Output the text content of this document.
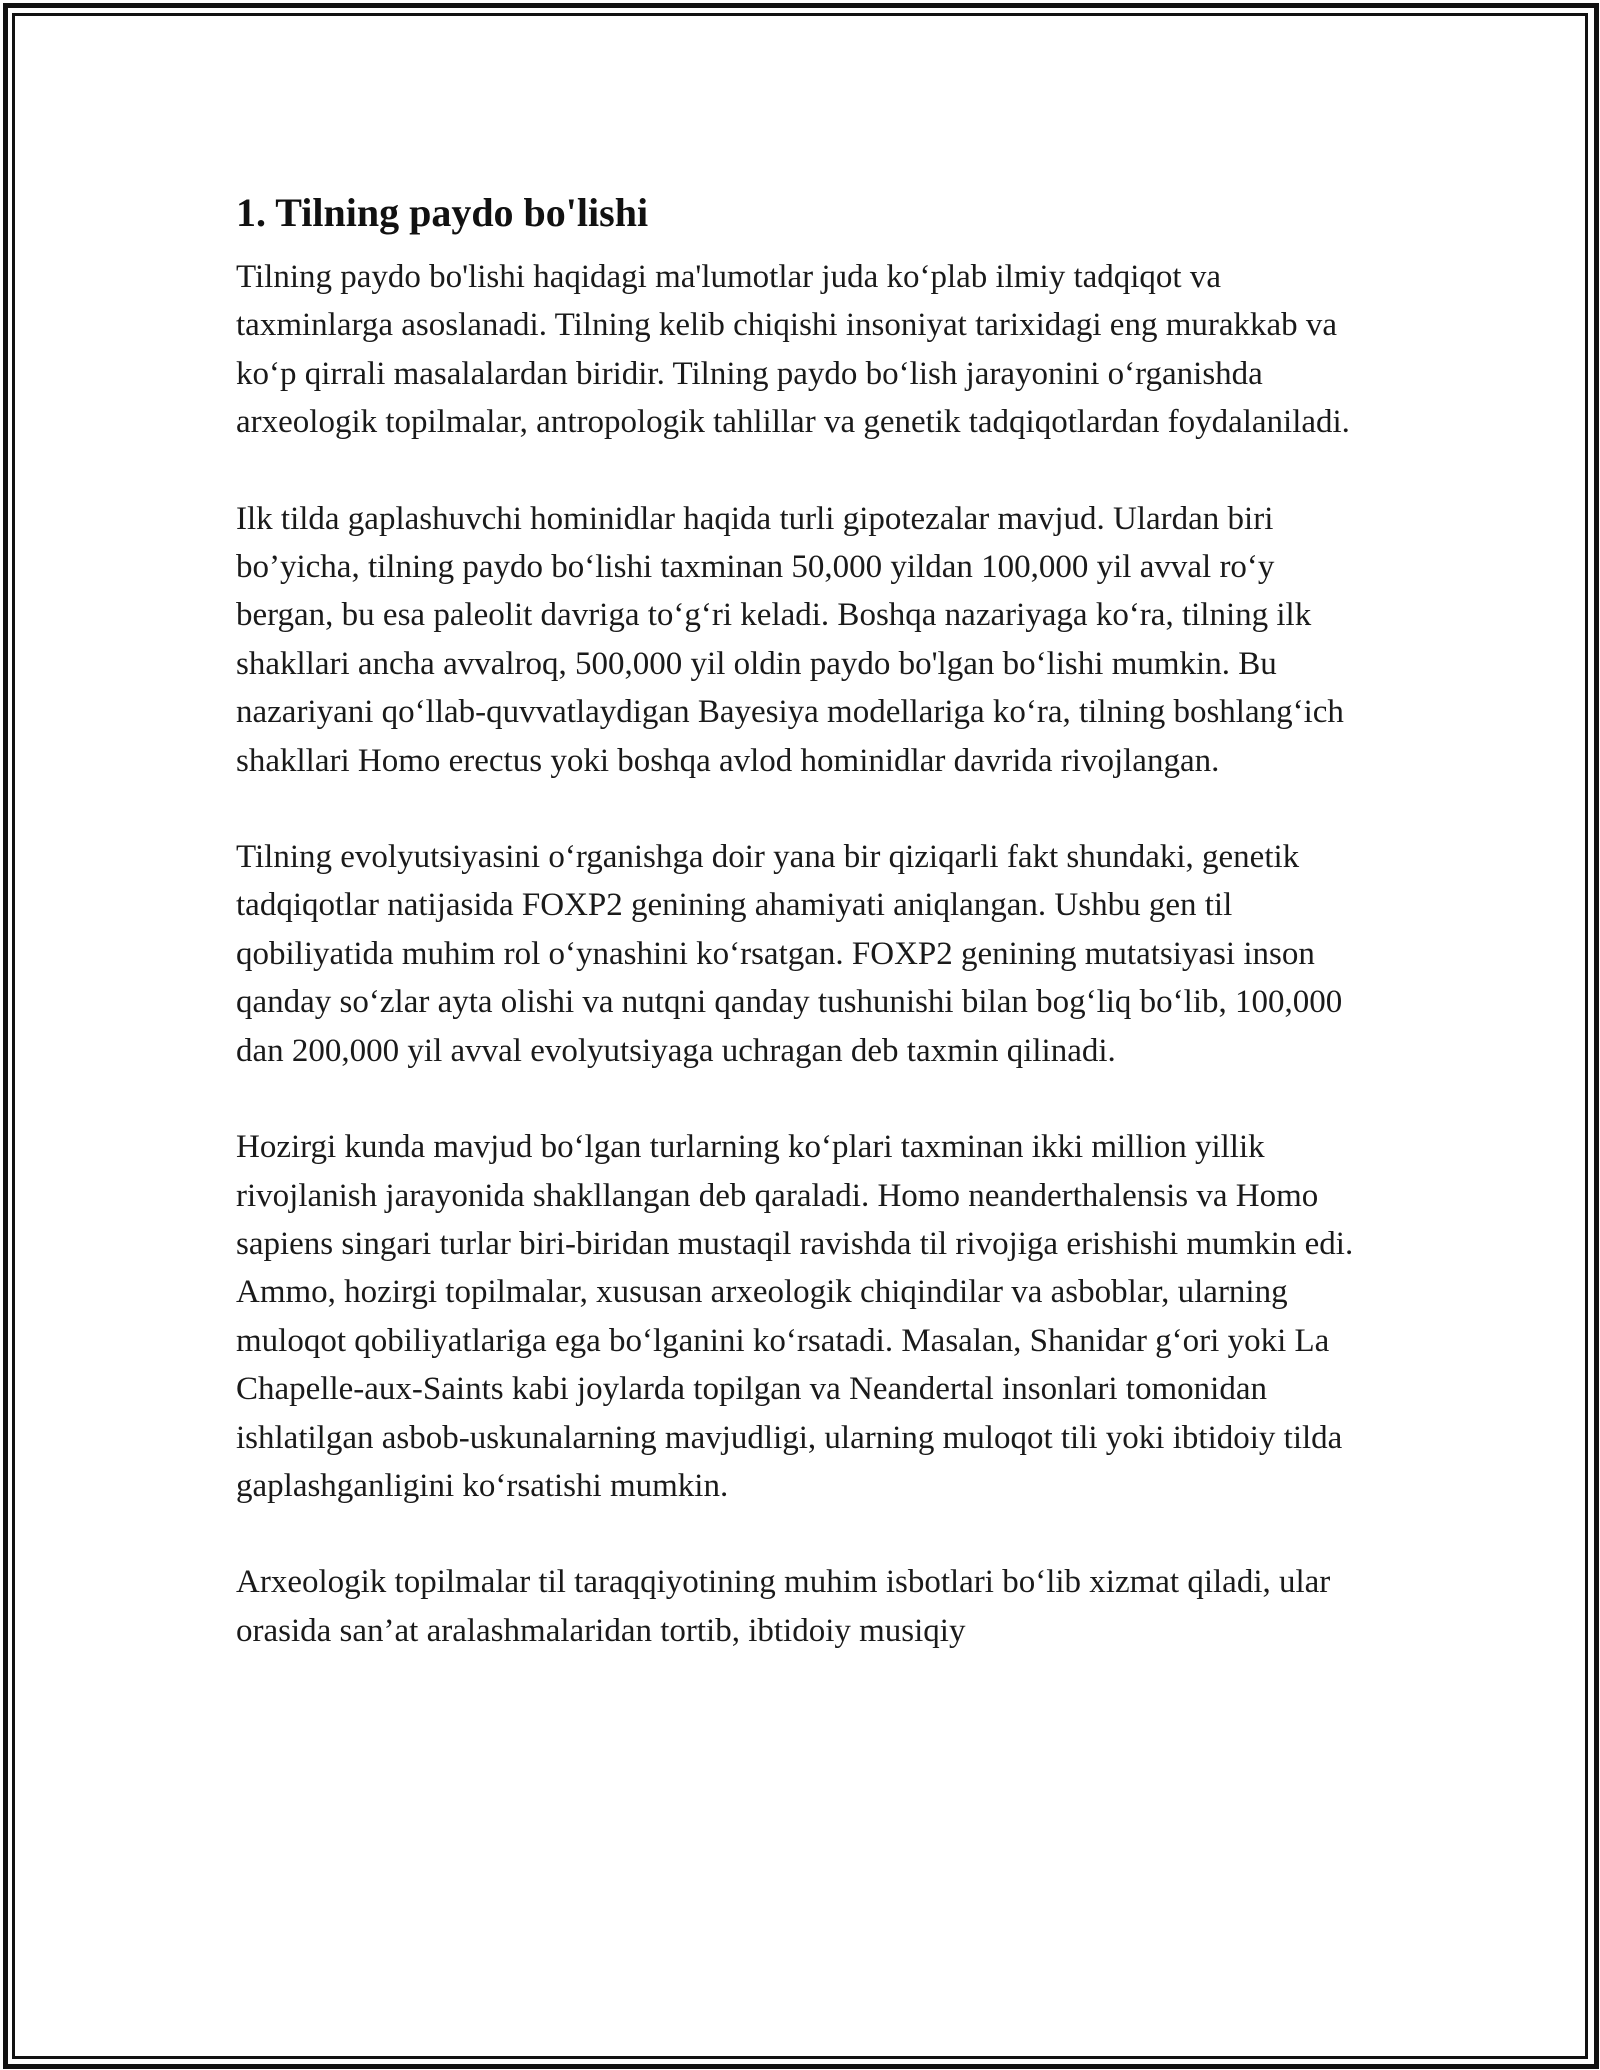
1. Tilning paydo bo'lishi

Tilning paydo bo'lishi haqidagi ma'lumotlar juda ko‘plab ilmiy tadqiqot va taxminlarga asoslanadi. Tilning kelib chiqishi insoniyat tarixidagi eng murakkab va ko‘p qirrali masalalardan biridir. Tilning paydo bo‘lish jarayonini o‘rganishda arxeologik topilmalar, antropologik tahlillar va genetik tadqiqotlardan foydalaniladi.

Ilk tilda gaplashuvchi hominidlar haqida turli gipotezalar mavjud. Ulardan biri bo’yicha, tilning paydo bo‘lishi taxminan 50,000 yildan 100,000 yil avval ro‘y bergan, bu esa paleolit davriga to‘g‘ri keladi. Boshqa nazariyaga ko‘ra, tilning ilk shakllari ancha avvalroq, 500,000 yil oldin paydo bo'lgan bo‘lishi mumkin. Bu nazariyani qo‘llab-quvvatlaydigan Bayesiya modellariga ko‘ra, tilning boshlang‘ich shakllari Homo erectus yoki boshqa avlod hominidlar davrida rivojlangan.

Tilning evolyutsiyasini o‘rganishga doir yana bir qiziqarli fakt shundaki, genetik tadqiqotlar natijasida FOXP2 genining ahamiyati aniqlangan. Ushbu gen til qobiliyatida muhim rol o‘ynashini ko‘rsatgan. FOXP2 genining mutatsiyasi inson qanday so‘zlar ayta olishi va nutqni qanday tushunishi bilan bog‘liq bo‘lib, 100,000 dan 200,000 yil avval evolyutsiyaga uchragan deb taxmin qilinadi.

Hozirgi kunda mavjud bo‘lgan turlarning ko‘plari taxminan ikki million yillik rivojlanish jarayonida shakllangan deb qaraladi. Homo neanderthalensis va Homo sapiens singari turlar biri-biridan mustaqil ravishda til rivojiga erishishi mumkin edi. Ammo, hozirgi topilmalar, xususan arxeologik chiqindilar va asboblar, ularning muloqot qobiliyatlariga ega bo‘lganini ko‘rsatadi. Masalan, Shanidar g‘ori yoki La Chapelle-aux-Saints kabi joylarda topilgan va Neandertal insonlari tomonidan ishlatilgan asbob-uskunalarning mavjudligi, ularning muloqot tili yoki ibtidoiy tilda gaplashganligini ko‘rsatishi mumkin.

Arxeologik topilmalar til taraqqiyotining muhim isbotlari bo‘lib xizmat qiladi, ular orasida san’at aralashmalaridan tortib, ibtidoiy musiqiy
